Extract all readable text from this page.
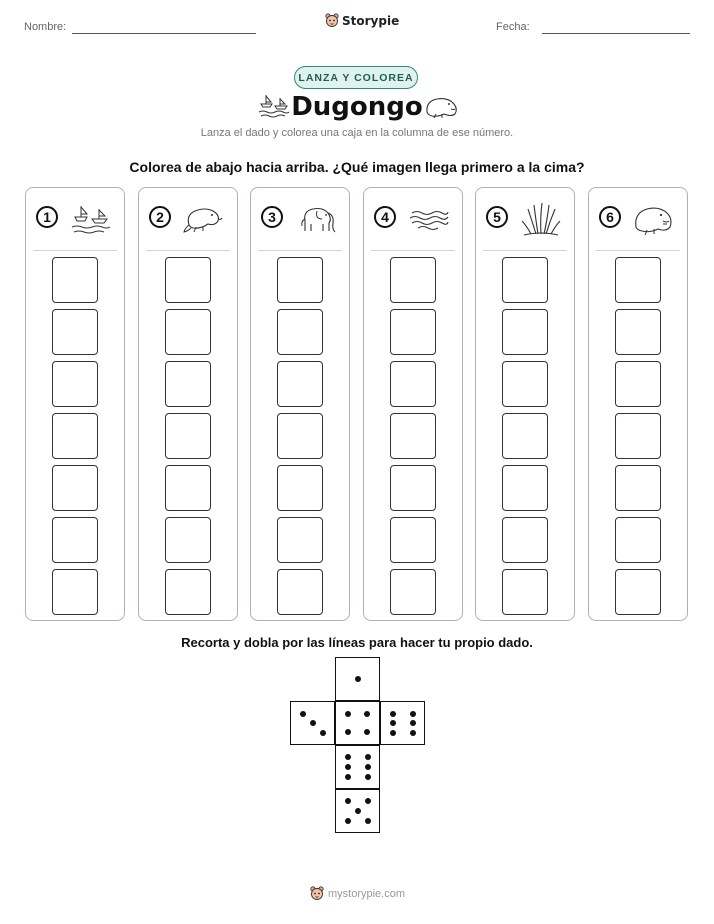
Nombre:	Storypie	Fecha:
LANZA Y COLOREA
Dugongo
Lanza el dado y colorea una caja en la columna de ese número.
Colorea de abajo hacia arriba. ¿Qué imagen llega primero a la cima?
1	2	3	4	5	6
Recorta y dobla por las líneas para hacer tu propio dado.
mystorypie.com
